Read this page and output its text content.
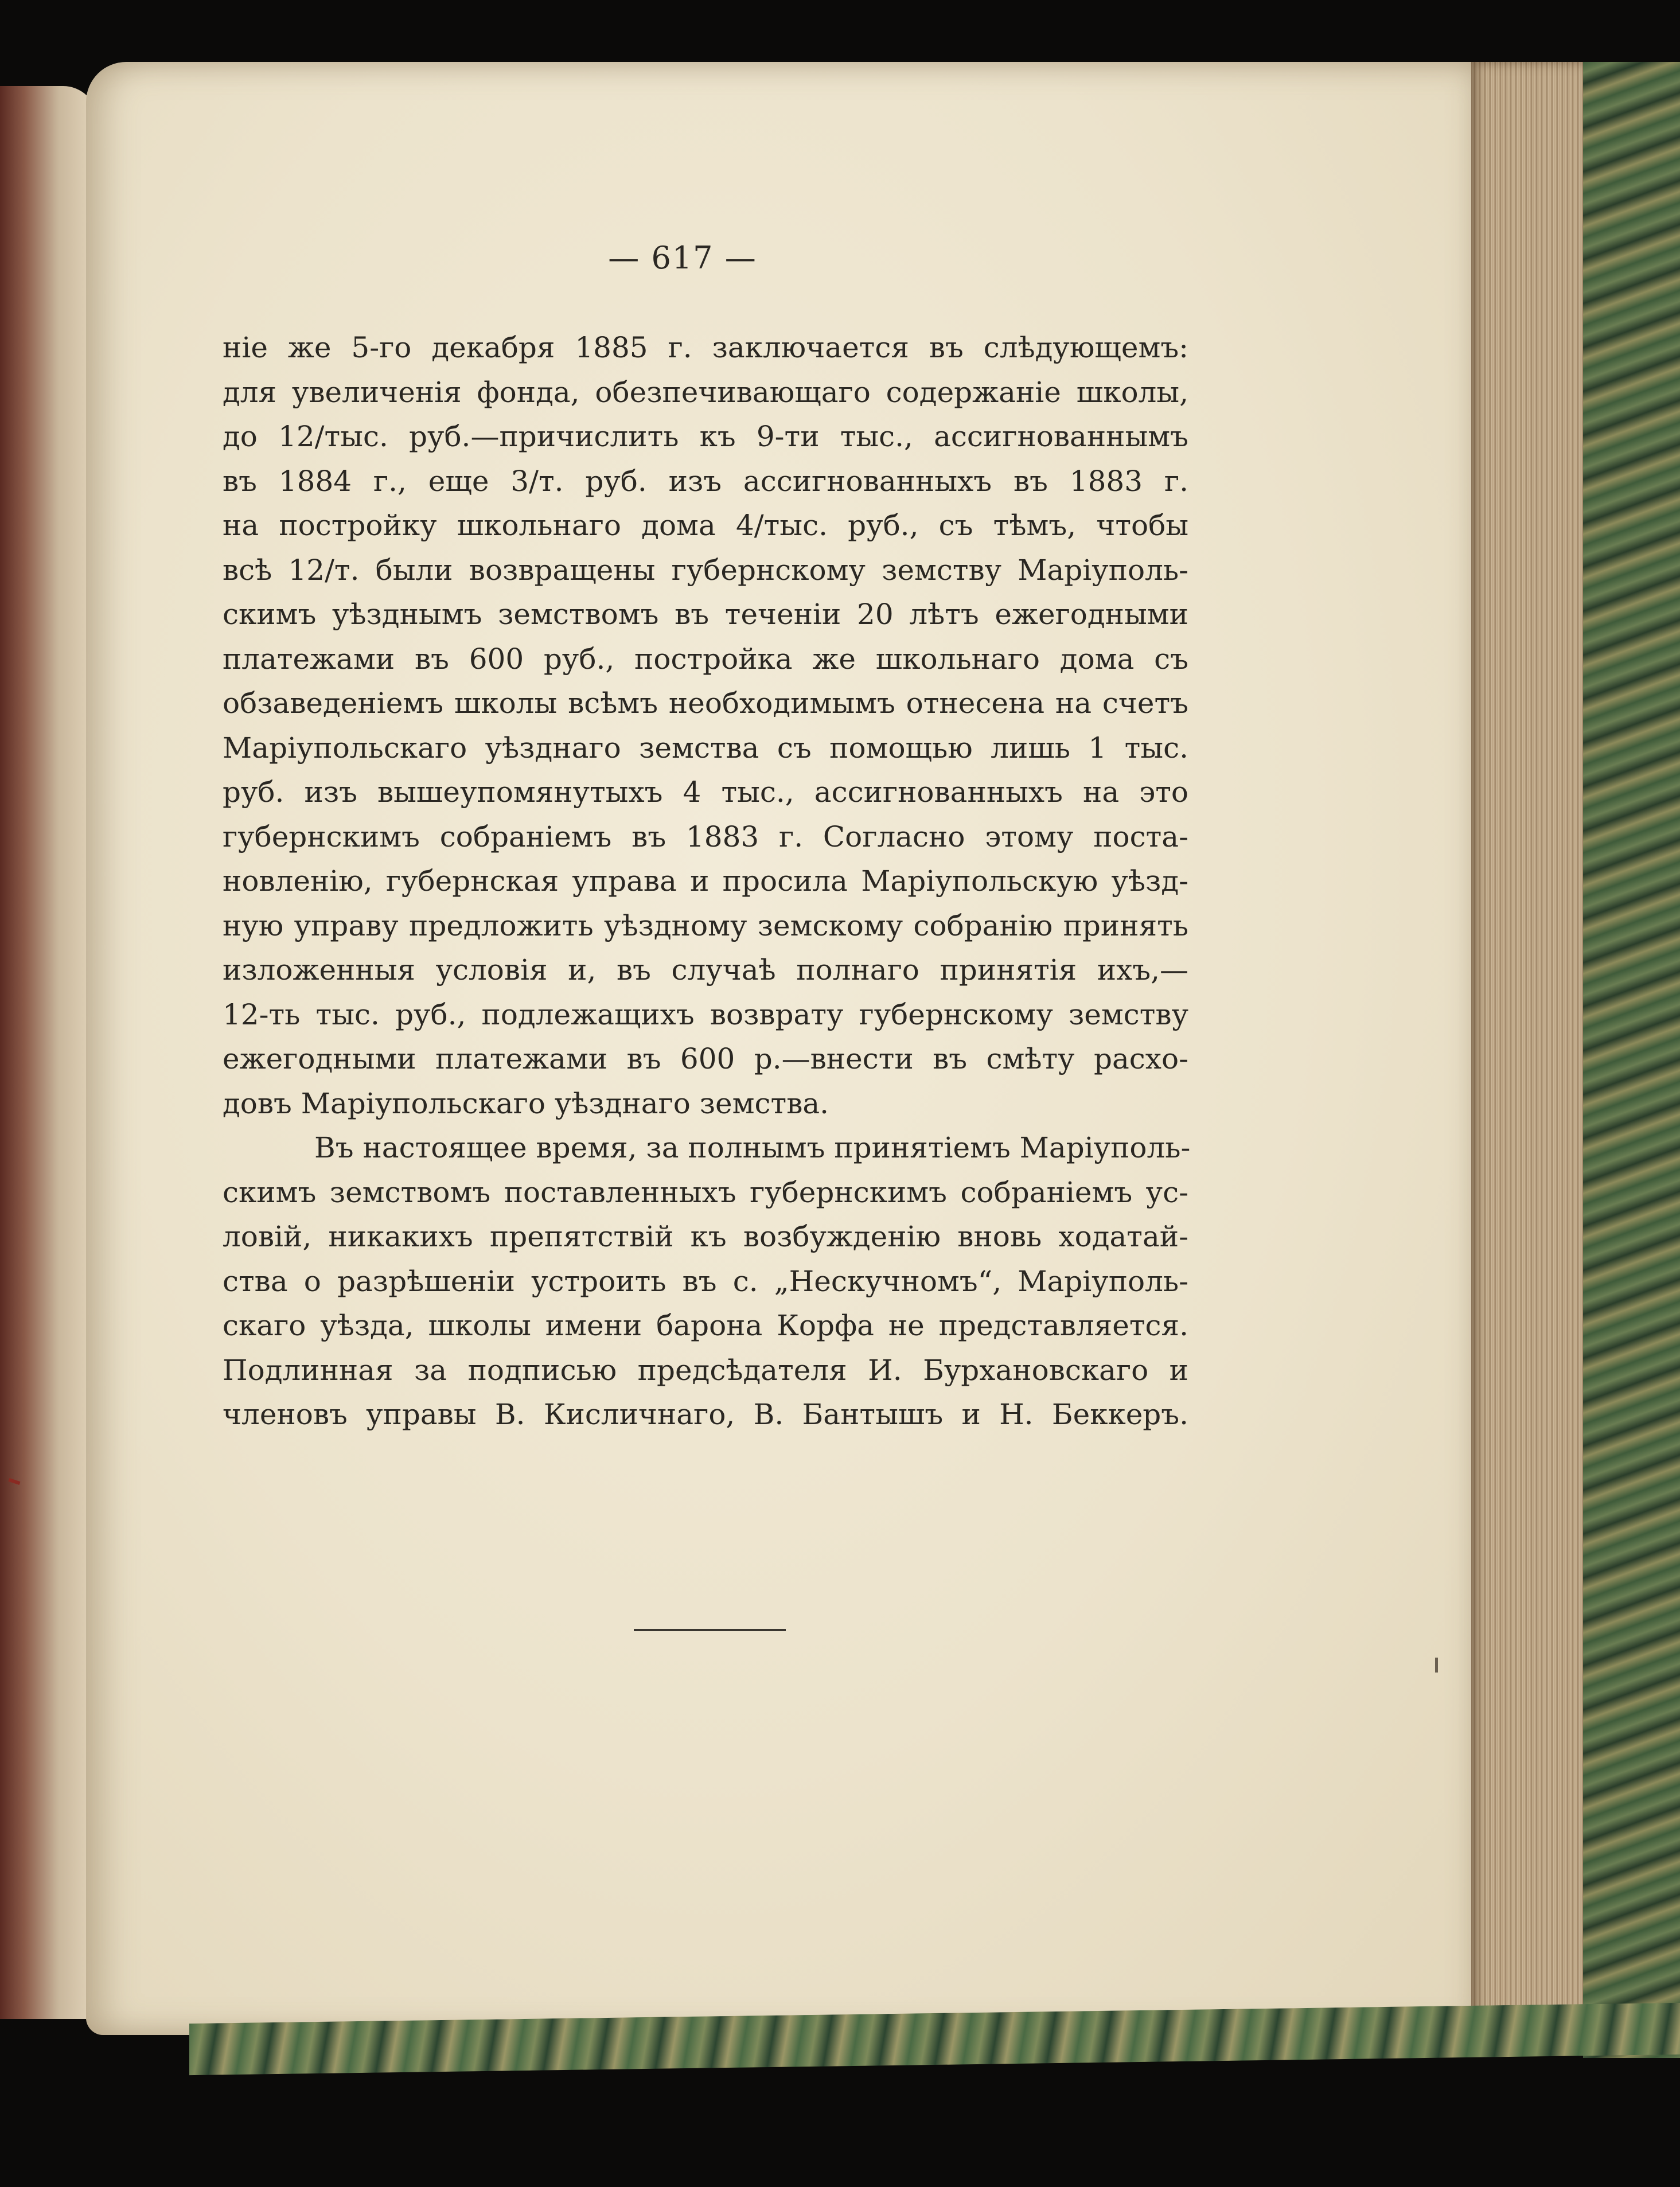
— 617 —
ніе же 5-го декабря 1885 г. заключается въ слѣдующемъ:
для увеличенія фонда, обезпечивающаго содержаніе школы,
до 12/тыс. руб.—причислить къ 9-ти тыс., ассигнованнымъ
въ 1884 г., еще 3/т. руб. изъ ассигнованныхъ въ 1883 г.
на постройку школьнаго дома 4/тыс. руб., съ тѣмъ, чтобы
всѣ 12/т. были возвращены губернскому земству Маріуполь-
скимъ уѣзднымъ земствомъ въ теченіи 20 лѣтъ ежегодными
платежами въ 600 руб., постройка же школьнаго дома съ
обзаведеніемъ школы всѣмъ необходимымъ отнесена на счетъ
Маріупольскаго уѣзднаго земства съ помощью лишь 1 тыс.
руб. изъ вышеупомянутыхъ 4 тыс., ассигнованныхъ на это
губернскимъ собраніемъ въ 1883 г. Согласно этому поста-
новленію, губернская управа и просила Маріупольскую уѣзд-
ную управу предложить уѣздному земскому собранію принять
изложенныя условія и, въ случаѣ полнаго принятія ихъ,—
12-ть тыс. руб., подлежащихъ возврату губернскому земству
ежегодными платежами въ 600 р.—внести въ смѣту расхо-
довъ Маріупольскаго уѣзднаго земства.
Въ настоящее время, за полнымъ принятіемъ Маріуполь-
скимъ земствомъ поставленныхъ губернскимъ собраніемъ ус-
ловій, никакихъ препятствій къ возбужденію вновь ходатай-
ства о разрѣшеніи устроить въ с. „Нескучномъ“, Маріуполь-
скаго уѣзда, школы имени барона Корфа не представляется.
Подлинная за подписью предсѣдателя И. Бурхановскаго и
членовъ управы В. Кисличнаго, В. Бантышъ и Н. Беккеръ.
